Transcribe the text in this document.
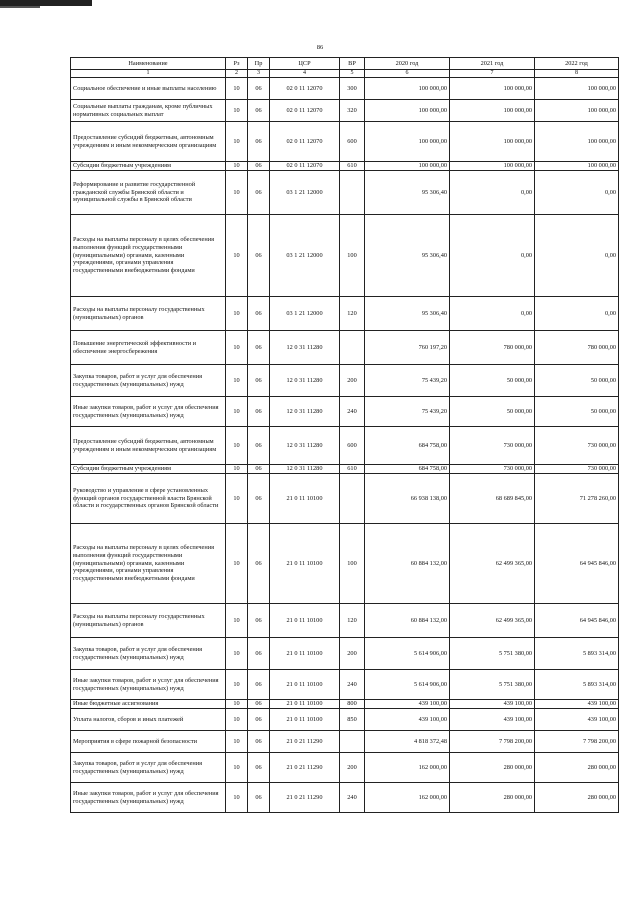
86
Наименование	Рз	Пр	ЦСР	ВР	2020 год	2021 год	2022 год
1	2	3	4	5	6	7	8
Социальное обеспечение и иные выплаты населению	10	06	02 0 11 12070	300	100 000,00	100 000,00	100 000,00
Социальные выплаты гражданам, кроме публичных нормативных социальных выплат	10	06	02 0 11 12070	320	100 000,00	100 000,00	100 000,00
Предоставление субсидий бюджетным, автономным учреждениям и иным некоммерческим организациям	10	06	02 0 11 12070	600	100 000,00	100 000,00	100 000,00
Субсидии бюджетным учреждениям	10	06	02 0 11 12070	610	100 000,00	100 000,00	100 000,00
Реформирование и развитие государственной гражданской службы Брянской области и муниципальной службы в Брянской области	10	06	03 1 21 12000		95 306,40	0,00	0,00
Расходы на выплаты персоналу в целях обеспечения выполнения функций государственными (муниципальными) органами, казенными учреждениями, органами управления государственными внебюджетными фондами	10	06	03 1 21 12000	100	95 306,40	0,00	0,00
Расходы на выплаты персоналу государственных (муниципальных) органов	10	06	03 1 21 12000	120	95 306,40	0,00	0,00
Повышение энергетической эффективности и обеспечение энергосбережения	10	06	12 0 31 11280		760 197,20	780 000,00	780 000,00
Закупка товаров, работ и услуг для обеспечения государственных (муниципальных) нужд	10	06	12 0 31 11280	200	75 439,20	50 000,00	50 000,00
Иные закупки товаров, работ и услуг для обеспечения государственных (муниципальных) нужд	10	06	12 0 31 11280	240	75 439,20	50 000,00	50 000,00
Предоставление субсидий бюджетным, автономным учреждениям и иным некоммерческим организациям	10	06	12 0 31 11280	600	684 758,00	730 000,00	730 000,00
Субсидии бюджетным учреждениям	10	06	12 0 31 11280	610	684 758,00	730 000,00	730 000,00
Руководство и управление в сфере установленных функций органов государственной власти Брянской области и государственных органов Брянской области	10	06	21 0 11 10100		66 938 138,00	68 689 845,00	71 278 260,00
Расходы на выплаты персоналу в целях обеспечения выполнения функций государственными (муниципальными) органами, казенными учреждениями, органами управления государственными внебюджетными фондами	10	06	21 0 11 10100	100	60 884 132,00	62 499 365,00	64 945 846,00
Расходы на выплаты персоналу государственных (муниципальных) органов	10	06	21 0 11 10100	120	60 884 132,00	62 499 365,00	64 945 846,00
Закупка товаров, работ и услуг для обеспечения государственных (муниципальных) нужд	10	06	21 0 11 10100	200	5 614 906,00	5 751 380,00	5 893 314,00
Иные закупки товаров, работ и услуг для обеспечения государственных (муниципальных) нужд	10	06	21 0 11 10100	240	5 614 906,00	5 751 380,00	5 893 314,00
Иные бюджетные ассигнования	10	06	21 0 11 10100	800	439 100,00	439 100,00	439 100,00
Уплата налогов, сборов и иных платежей	10	06	21 0 11 10100	850	439 100,00	439 100,00	439 100,00
Мероприятия в сфере пожарной безопасности	10	06	21 0 21 11290		4 818 372,48	7 798 200,00	7 798 200,00
Закупка товаров, работ и услуг для обеспечения государственных (муниципальных) нужд	10	06	21 0 21 11290	200	162 000,00	280 000,00	280 000,00
Иные закупки товаров, работ и услуг для обеспечения государственных (муниципальных) нужд	10	06	21 0 21 11290	240	162 000,00	280 000,00	280 000,00
